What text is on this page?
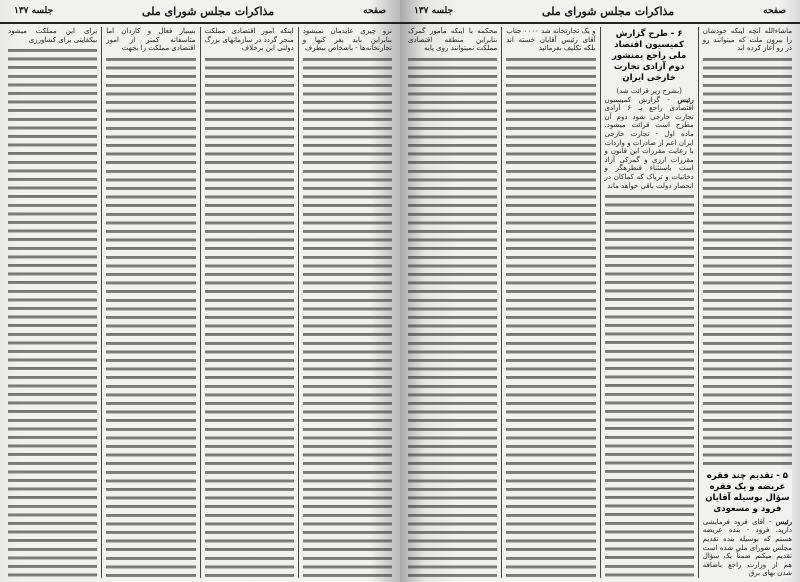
صفحه
مذاکرات مجلس شورای ملی
جلسه ۱۳۷

نرو چیزی عایدمان نمیشود بنابراین باید بفر کیها و تجارتخانه‌ها - باشخاص بیطرف

اینکه امور اقتصادی مملکت منجر گردد در سازمانهای بزرگ دولتی این برخلاف

بسیار فعال و کاردان اما متاسفانه کمتر از امور اقتصادی مملکت را بجهت

برای این مملکت میشود بیکفایتی برای کشاورزی

صفحه
مذاکرات مجلس شورای ملی
جلسه ۱۳۷

ماشاءالله آنچه اینکه خودشان را بیرون ملت که میتوانند رو در رو آغاز کرده اند

۵ - تقدیم چند فقره عریضه و یک فقره سؤال بوسیله آقایان فرود و مسعودی

رئیس - آقای فرود فرمایشی دارید. فرود - بنده عریضه هستم که بوسیله بنده تقدیم مجلس شورای ملی شده است تقدیم میکنم ضمناً یک سؤال هم از وزارت راجع باضافه شدن بهای برق

۶ - طرح گزارش کمیسیون اقتصاد ملی راجع بمنشور دوم آزادی تجارت خارجی ایران

(بشرح زیر قرائت شد)

رئیس - گزارش کمیسیون اقتصادی راجع بـ ۶ آزادی تجارت خارجی شود دوم آن مطرح است قرائت میشود. ماده اول - تجارت خارجی ایران اعم از صادرات و واردات با رعایت مقررات این قانون و مقررات ارزی و گمرکی آزاد است باستثناء قنطرهگر و دخانیات و تریاک که کماکان در انحصار دولت باقی خواهد ماند

و یک تجارتخانه شد ۰۰۰۰ جناب آقای رئیس آقایان خسته اند بلکه تکلیف بفرمائید

محکمه یا اینکه مأمور گمرک بنابراین منطقه اقتصادی مملکت نمیتوانند روی پایه
